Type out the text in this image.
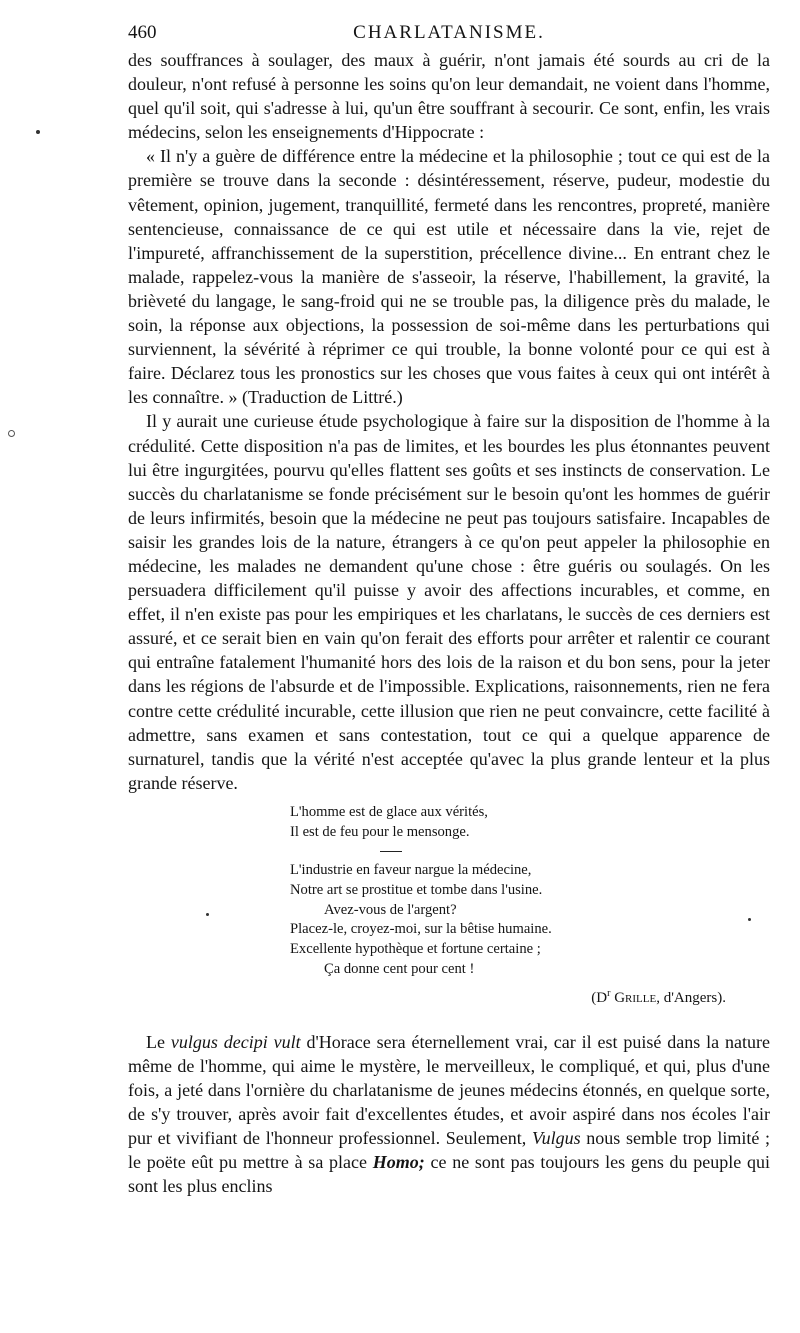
460	CHARLATANISME.

des souffrances à soulager, des maux à guérir, n'ont jamais été sourds au cri de la douleur, n'ont refusé à personne les soins qu'on leur demandait, ne voient dans l'homme, quel qu'il soit, qui s'adresse à lui, qu'un être souffrant à secourir. Ce sont, enfin, les vrais médecins, selon les enseignements d'Hippocrate :

« Il n'y a guère de différence entre la médecine et la philosophie ; tout ce qui est de la première se trouve dans la seconde : désintéressement, réserve, pudeur, modestie du vêtement, opinion, jugement, tranquillité, fermeté dans les rencontres, propreté, manière sentencieuse, connaissance de ce qui est utile et nécessaire dans la vie, rejet de l'impureté, affranchissement de la superstition, précellence divine... En entrant chez le malade, rappelez-vous la manière de s'asseoir, la réserve, l'habillement, la gravité, la brièveté du langage, le sang-froid qui ne se trouble pas, la diligence près du malade, le soin, la réponse aux objections, la possession de soi-même dans les perturbations qui surviennent, la sévérité à réprimer ce qui trouble, la bonne volonté pour ce qui est à faire. Déclarez tous les pronostics sur les choses que vous faites à ceux qui ont intérêt à les connaître. » (Traduction de Littré.)

Il y aurait une curieuse étude psychologique à faire sur la disposition de l'homme à la crédulité. Cette disposition n'a pas de limites, et les bourdes les plus étonnantes peuvent lui être ingurgitées, pourvu qu'elles flattent ses goûts et ses instincts de conservation. Le succès du charlatanisme se fonde précisément sur le besoin qu'ont les hommes de guérir de leurs infirmités, besoin que la médecine ne peut pas toujours satisfaire. Incapables de saisir les grandes lois de la nature, étrangers à ce qu'on peut appeler la philosophie en médecine, les malades ne demandent qu'une chose : être guéris ou soulagés. On les persuadera difficilement qu'il puisse y avoir des affections incurables, et comme, en effet, il n'en existe pas pour les empiriques et les charlatans, le succès de ces derniers est assuré, et ce serait bien en vain qu'on ferait des efforts pour arrêter et ralentir ce courant qui entraîne fatalement l'humanité hors des lois de la raison et du bon sens, pour la jeter dans les régions de l'absurde et de l'impossible. Explications, raisonnements, rien ne fera contre cette crédulité incurable, cette illusion que rien ne peut convaincre, cette facilité à admettre, sans examen et sans contestation, tout ce qui a quelque apparence de surnaturel, tandis que la vérité n'est acceptée qu'avec la plus grande lenteur et la plus grande réserve.

L'homme est de glace aux vérités,
Il est de feu pour le mensonge.
L'industrie en faveur nargue la médecine,
Notre art se prostitue et tombe dans l'usine.
Avez-vous de l'argent?
Placez-le, croyez-moi, sur la bêtise humaine.
Excellente hypothèque et fortune certaine ;
Ça donne cent pour cent !
($D^r$ Grille, d'Angers).

Le vulgus decipi vult d'Horace sera éternellement vrai, car il est puisé dans la nature même de l'homme, qui aime le mystère, le merveilleux, le compliqué, et qui, plus d'une fois, a jeté dans l'ornière du charlatanisme de jeunes médecins étonnés, en quelque sorte, de s'y trouver, après avoir fait d'excellentes études, et avoir aspiré dans nos écoles l'air pur et vivifiant de l'honneur professionnel. Seulement, Vulgus nous semble trop limité ; le poëte eût pu mettre à sa place Homo; ce ne sont pas toujours les gens du peuple qui sont les plus enclins
